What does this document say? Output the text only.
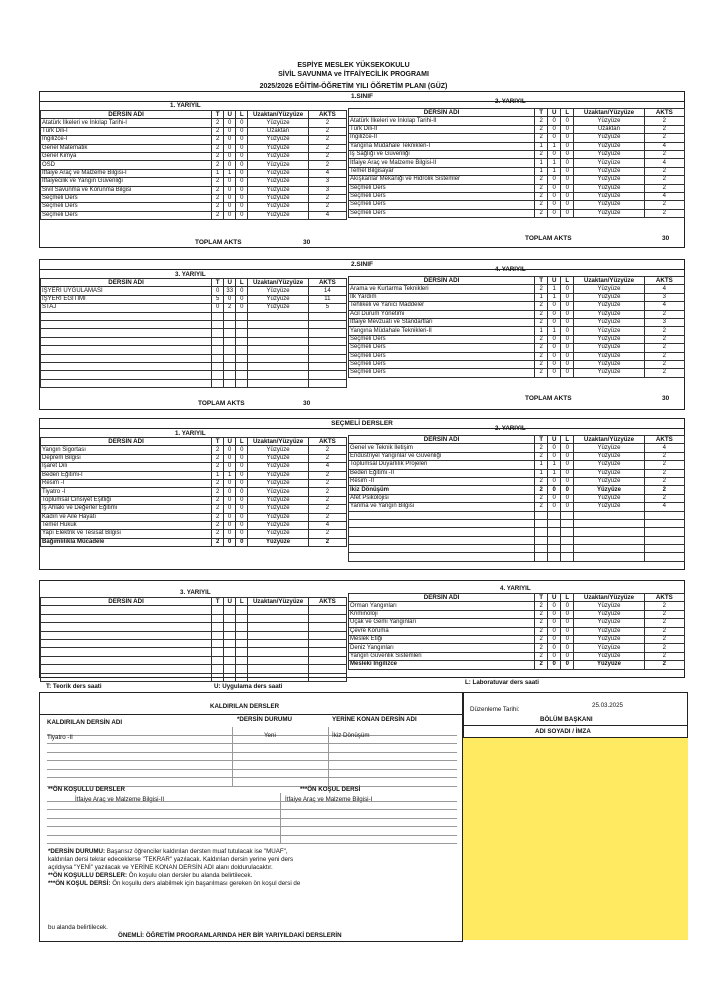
ESPİYE MESLEK YÜKSEKOKULU
SİVİL SAVUNMA ve İTFAİYECİLİK PROGRAMI
2025/2026 EĞİTİM-ÖĞRETİM YILI ÖĞRETİM PLANI (GÜZ)
1.SINIF
1. YARIYIL
2. YARIYIL
DERSİN ADI	T	U	L	Uzaktan/Yüzyüze	AKTS
Atatürk İlkeleri ve İnkılap Tarihi-I	2	0	0	Yüzyüze	2
Türk Dili-I	2	0	0	Uzaktan	2
İngilizce-I	2	0	0	Yüzyüze	2
Genel Matematik	2	0	0	Yüzyüze	2
Genel Kimya	2	0	0	Yüzyüze	2
OSD	2	0	0	Yüzyüze	2
İtfaiye Araç ve Malzeme Bilgisi-I	1	1	0	Yüzyüze	4
İtfaiyecilik ve Yangın Güvenliği	2	0	0	Yüzyüze	3
Sivil Savunma ve Korunma Bilgisi	2	0	0	Yüzyüze	3
Seçmeli Ders	2	0	0	Yüzyüze	2
Seçmeli Ders	2	0	0	Yüzyüze	2
Seçmeli Ders	2	0	0	Yüzyüze	4
DERSİN ADI	T	U	L	Uzaktan/Yüzyüze	AKTS
Atatürk İlkeleri ve İnkılap Tarihi-II	2	0	0	Yüzyüze	2
Türk Dili-II	2	0	0	Uzaktan	2
İngilizce-II	2	0	0	Yüzyüze	2
Yangına Müdahale Teknikleri-I	1	1	0	Yüzyüze	4
İş Sağlığı ve Güvenliği	2	0	0	Yüzyüze	2
İtfaiye Araç ve Malzeme Bilgisi-II	1	1	0	Yüzyüze	4
Temel Bilgisayar	1	1	0	Yüzyüze	2
Akışkanlar Mekaniği ve Hidrolik Sistemler	2	0	0	Yüzyüze	2
Seçmeli Ders	2	0	0	Yüzyüze	2
Seçmeli Ders	2	0	0	Yüzyüze	4
Seçmeli Ders	2	0	0	Yüzyüze	2
Seçmeli Ders	2	0	0	Yüzyüze	2
TOPLAM AKTS	30
TOPLAM AKTS	30
2.SINIF
3. YARIYIL
4. YARIYIL
DERSİN ADI	T	U	L	Uzaktan/Yüzyüze	AKTS
İŞYERİ UYGULAMASI	0	33	0	Yüzyüze	14
İŞYERİ EĞİTİMİ	5	0	0	Yüzyüze	11
STAJ	0	2	0	Yüzyüze	5

DERSİN ADI	T	U	L	Uzaktan/Yüzyüze	AKTS
Arama ve Kurtarma Teknikleri	2	1	0	Yüzyüze	4
İlk Yardım	1	1	0	Yüzyüze	3
Tehlikeli ve Yanıcı Maddeler	2	0	0	Yüzyüze	4
Acil Durum Yönetimi	2	0	0	Yüzyüze	2
İtfaiye Mevzuatı ve Standartları	2	0	0	Yüzyüze	3
Yangına Müdahale Teknikleri-II	1	1	0	Yüzyüze	2
Seçmeli Ders	2	0	0	Yüzyüze	2
Seçmeli Ders	2	0	0	Yüzyüze	2
Seçmeli Ders	2	0	0	Yüzyüze	2
Seçmeli Ders	2	0	0	Yüzyüze	2
Seçmeli Ders	2	0	0	Yüzyüze	2
TOPLAM AKTS	30
TOPLAM AKTS	30
SEÇMELİ DERSLER
1. YARIYIL
2. YARIYIL
DERSİN ADI	T	U	L	Uzaktan/Yüzyüze	AKTS
Yangın Sigortası	2	0	0	Yüzyüze	2
Deprem Bilgisi	2	0	0	Yüzyüze	2
İşaret Dili	2	0	0	Yüzyüze	4
Beden Eğitimi-I	1	1	0	Yüzyüze	2
Resim -I	2	0	0	Yüzyüze	2
Tiyatro -I	2	0	0	Yüzyüze	2
Toplumsal Cinsiyet Eşitliği	2	0	0	Yüzyüze	2
İş Ahlakı ve Değerler Eğitimi	2	0	0	Yüzyüze	2
Kadın ve Aile Hayatı	2	0	0	Yüzyüze	2
Temel Hukuk	2	0	0	Yüzyüze	4
Yapı Elektrik ve Tesisat Bilgisi	2	0	0	Yüzyüze	2
Bağımlılıkla Mücadele	2	0	0	Yüzyüze	2
DERSİN ADI	T	U	L	Uzaktan/Yüzyüze	AKTS
Genel ve Teknik İletişim	2	0	0	Yüzyüze	4
Endüstriyel Yangınlar ve Güvenliği	2	0	0	Yüzyüze	2
Toplumsal Duyarlılık Projeleri	1	1	0	Yüzyüze	2
Beden Eğitimi -II	1	1	0	Yüzyüze	2
Resim -II	2	0	0	Yüzyüze	2
İkiz Dönüşüm	2	0	0	Yüzyüze	2
Afet Psikolojisi	2	0	0	Yüzyüze	2
Yanma ve Yangın Bilgisi	2	0	0	Yüzyüze	4

3. YARIYIL
4. YARIYIL
DERSİN ADI	T	U	L	Uzaktan/Yüzyüze	AKTS

DERSİN ADI	T	U	L	Uzaktan/Yüzyüze	AKTS
Orman Yangınları	2	0	0	Yüzyüze	2
Kriminoloji	2	0	0	Yüzyüze	2
Uçak ve Gemi Yangınları	2	0	0	Yüzyüze	2
Çevre Koruma	2	0	0	Yüzyüze	2
Meslek Etiği	2	0	0	Yüzyüze	2
Deniz Yangınları	2	0	0	Yüzyüze	2
Yangın Güvenlik Sistemleri	2	0	0	Yüzyüze	2
Mesleki İngilizce	2	0	0	Yüzyüze	2
T: Teorik ders saati	U: Uygulama ders saati
L: Laboratuvar ders saati
KALDIRILAN DERSLER
KALDIRILAN DERSİN ADI	*DERSİN DURUMU	YERİNE KONAN DERSİN ADI
Tiyatro -II	Yeni	İkiz Dönüşüm
**ÖN KOŞULLU DERSLER	***ÖN KOŞUL DERSİ
İtfaiye Araç ve Malzeme Bilgisi-II	İtfaiye Araç ve Malzeme Bilgisi-I
*DERSİN DURUMU: Başarısız öğrenciler kaldırılan dersten muaf tutulacak ise "MUAF",
kaldırılan dersi tekrar edeceklerse "TEKRAR" yazılacak. Kaldırılan dersin yerine yeni ders
açıldıysa "YENİ" yazılacak ve YERİNE KONAN DERSİN ADI alanı doldurulacaktır.
**ÖN KOŞULLU DERSLER: Ön koşulu olan dersler bu alanda belirtilecek.
***ÖN KOŞUL DERSİ: Ön koşullu ders alabilmek için başarılması gereken ön koşul dersi de
bu alanda belirtilecek.
ÖNEMLİ: ÖĞRETİM PROGRAMLARINDA HER BİR YARIYILDAKİ DERSLERİN
Düzenleme Tarihi:
25.03.2025
BÖLÜM BAŞKANI
ADI SOYADI / İMZA
